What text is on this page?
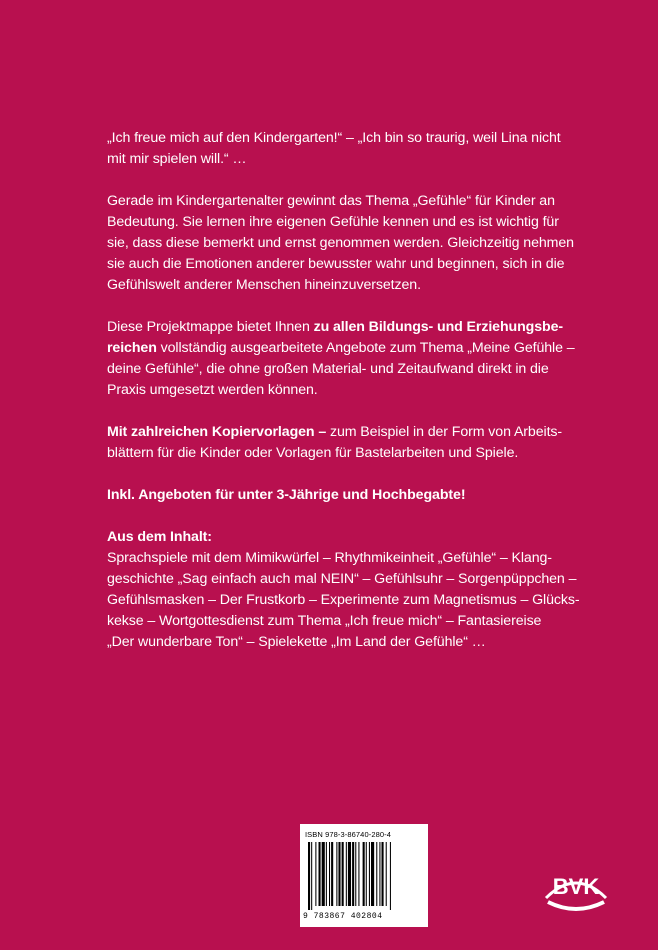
„Ich freue mich auf den Kindergarten!“ – „Ich bin so traurig, weil Lina nicht
mit mir spielen will.“ …
Gerade im Kindergartenalter gewinnt das Thema „Gefühle“ für Kinder an
Bedeutung. Sie lernen ihre eigenen Gefühle kennen und es ist wichtig für
sie, dass diese bemerkt und ernst genommen werden. Gleichzeitig nehmen
sie auch die Emotionen anderer bewusster wahr und beginnen, sich in die
Gefühlswelt anderer Menschen hineinzuversetzen.
Diese Projektmappe bietet Ihnen zu allen Bildungs- und Erziehungsbe-
reichen vollständig ausgearbeitete Angebote zum Thema „Meine Gefühle –
deine Gefühle“, die ohne großen Material- und Zeitaufwand direkt in die
Praxis umgesetzt werden können.
Mit zahlreichen Kopiervorlagen – zum Beispiel in der Form von Arbeits-
blättern für die Kinder oder Vorlagen für Bastelarbeiten und Spiele.
Inkl. Angeboten für unter 3-Jährige und Hochbegabte!
Aus dem Inhalt:
Sprachspiele mit dem Mimikwürfel – Rhythmikeinheit „Gefühle“ – Klang-
geschichte „Sag einfach auch mal NEIN“ – Gefühlsuhr – Sorgenpüppchen –
Gefühlsmasken – Der Frustkorb – Experimente zum Magnetismus – Glücks-
kekse – Wortgottesdienst zum Thema „Ich freue mich“ – Fantasiereise
„Der wunderbare Ton“ – Spielekette „Im Land der Gefühle“ …
ISBN 978-3-86740-280-4
9 783867 402804
BVK
